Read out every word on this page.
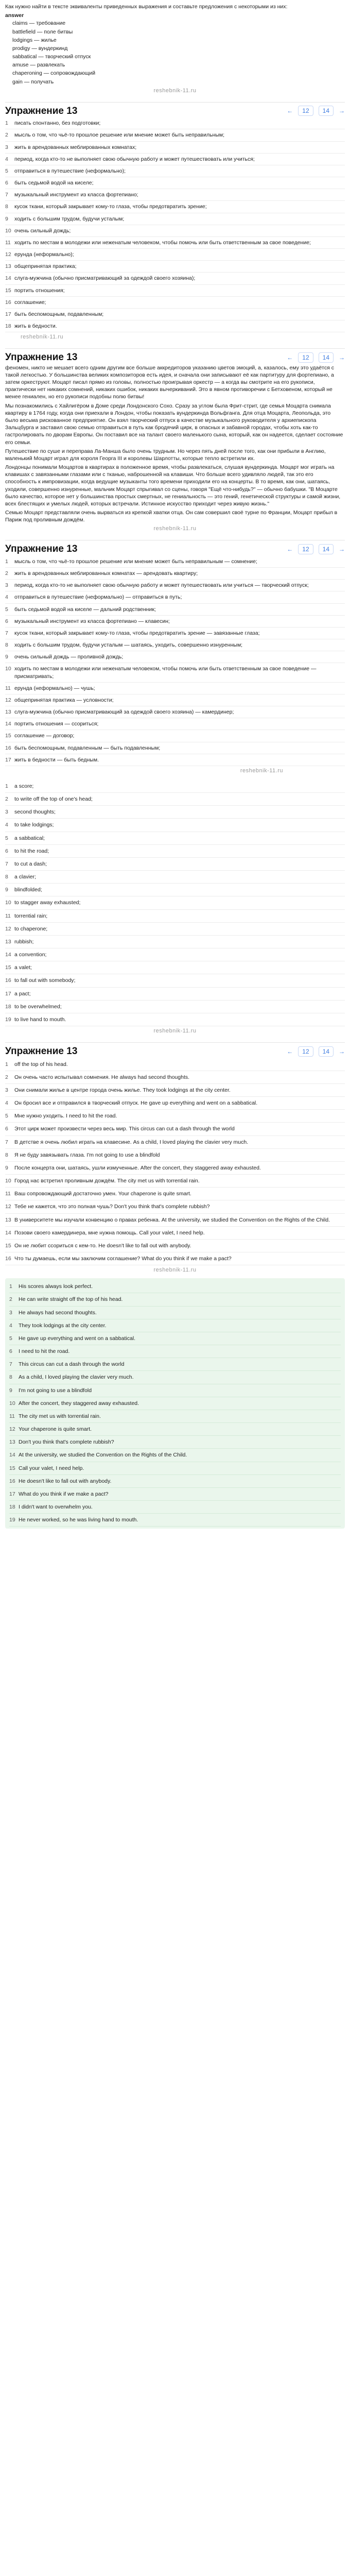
Как нужно найти в тексте эквиваленты приведенных выражения и составьте предложения с некоторыми из них:

answer
claims — требование
battlefield — поле битвы
lodgings — жилье
prodigy — вундеркинд
sabbatical — творческий отпуск
amuse — развлекать
chaperoning — сопровождающий
gain — получать
reshebnik-11.ru
Упражнение 13	←	12	14	→
1	писать спонтанно, без подготовки;
2	мысль о том, что чьё-то прошлое решение или мнение может быть неправильным;
3	жить в арендованных меблированных комнатах;
4	период, когда кто-то не выполняет свою обычную работу и может путешествовать или учиться;
5	отправиться в путешествие (неформально);
6	быть седьмой водой на киселе;
7	музыкальный инструмент из класса фортепиано;
8	кусок ткани, который закрывает кому-то глаза, чтобы предотвратить зрение;
9	ходить с большим трудом, будучи усталым;
10 очень сильный дождь;
11 ходить по местам в молодежи или неженатым человеком, чтобы помочь или быть ответственным за свое поведение;
12 ерунда (неформально);
13 общепринятая практика;
14 слуга-мужчина (обычно присматривающий за одеждой своего хозяина);
15 портить отношения;
16 соглашение;
17 быть беспомощным, подавленным;
18 жить в бедности.
reshebnik-11.ru
Упражнение 13	←	12	14	→

феномен, никто не мешает всего одним другим все больше аккредиторов указанию цветов эмоций, а, казалось, ему это удаётся с такой легкостью. У большинства великих композиторов есть идея, и сначала они записывают её как партитуру для фортепиано, а затем оркеструют. Моцарт писал прямо из головы, полностью проигрывая оркестр — а когда вы смотрите на его рукописи, практически нет никаких сомнений, никаких ошибок, никаких вычеркиваний. Это в явном противоречии с Бетховеном, который не менее гениален, но его рукописи подобны полю битвы!

Мы познакомились с Хайлигёром в Доме среди Лондонского Сохо. Сразу за углом была Фрит-стрит, где семья Моцарта снимала квартиру в 1764 году, когда они приехали в Лондон, чтобы показать вундеркинда Вольфганга. Для отца Моцарта, Леопольда, это было весьма рискованное предприятие. Он взял творческий отпуск в качестве музыкального руководителя у архиепископа Зальцбурга и заставил свою семью отправиться в путь как бродячий цирк, в опасных и забавной городах, чтобы хоть как-то гастролировать по дворам Европы. Он поставил все на талант своего маленького сына, который, как он надеется, сделает состояние его семьи.

Путешествие по суше и переправа Ла-Манша было очень трудным. Но через пять дней после того, как они прибыли в Англию, маленький Моцарт играл для короля Георга III и королевы Шарлотты, которые тепло встретили их.

Лондонцы понимали Моцартов в квартирах в положенное время, чтобы развлекаться, слушая вундеркинда. Моцарт мог играть на клавишах с завязанными глазами или с тканью, наброшенной на клавиши. Что больше всего удивляло людей, так это его способность к импровизации, когда ведущие музыканты того времени приходили его на концерты. В то время, как они, шатаясь, уходили, совершенно изнуренные, мальчик Моцарт спрыгивал со сцены, говоря "Ещё что-нибудь?" — обычно бабушки. "В Моцарте было качество, которое нет у большинства простых смертных, не гениальность — это гений, генетической структуры и самой жизни, всех блестящих и умелых людей, которых встречали. Истинное искусство приходит через живую жизнь."

Семью Моцарт представляли очень вырваться из крепкой хватки отца. Он сам совершил своё турне по Франции, Моцарт прибыл в Париж под проливным дождём.

reshebnik-11.ru
Упражнение 13	←	12	14	→
1	мысль о том, что чьё-то прошлое решение или мнение может быть неправильным — сомнение;
2	жить в арендованных меблированных комнатах — арендовать квартиру;
3	период, когда кто-то не выполняет свою обычную работу и может путешествовать или учиться — творческий отпуск;
4	отправиться в путешествие (неформально) — отправиться в путь;
5	быть седьмой водой на киселе — дальний родственник;
6	музыкальный инструмент из класса фортепиано — клавесин;
7	кусок ткани, который закрывает кому-то глаза, чтобы предотвратить зрение — завязанные глаза;
8	ходить с большим трудом, будучи усталым — шатаясь, уходить, совершенно изнуренным;
9	очень сильный дождь — проливной дождь;
10 ходить по местам в молодежи или неженатым человеком, чтобы помочь или быть ответственным за свое поведение — присматривать;
11 ерунда (неформально) — чушь;
12 общепринятая практика — условности;
13 слуга-мужчина (обычно присматривающий за одеждой своего хозяина) — камердинер;
14 портить отношения — ссориться;
15 соглашение — договор;
16 быть беспомощным, подавленным — быть подавленным;
17 жить в бедности — быть бедным.
reshebnik-11.ru
1	a score;
2	to write off the top of one's head;
3	second thoughts;
4	to take lodgings;
5	a sabbatical;
6	to hit the road;
7	to cut a dash;
8	a clavier;
9	blindfolded;
10 to stagger away exhausted;
11 torrential rain;
12 to chaperone;
13 rubbish;
14 a convention;
15 a valet;
16 to fall out with somebody;
17 a pact;
18 to be overwhelmed;
19 to live hand to mouth.
reshebnik-11.ru
Упражнение 13	←	12	14	→
1	off the top of his head.
2	Он очень часто испытывал сомнения. He always had second thoughts.
3	Они снимали жилье в центре города очень жилье. They took lodgings at the city center.
4	Он бросил все и отправился в творческий отпуск. He gave up everything and went on a sabbatical.
5	Мне нужно уходить. I need to hit the road.
6	Этот цирк может произвести через весь мир. This circus can cut a dash through the world
7	В детстве я очень любил играть на клавесине. As a child, I loved playing the clavier very much.
8	Я не буду завязывать глаза. I'm not going to use a blindfold
9	После концерта они, шатаясь, ушли измученные. After the concert, they staggered away exhausted.
10 Город нас встретил проливным дождём. The city met us with torrential rain.
11 Ваш сопровождающий достаточно умен. Your chaperone is quite smart.
12 Тебе не кажется, что это полная чушь? Don't you think that's complete rubbish?
13 В университете мы изучали конвенцию о правах ребенка. At the university, we studied the Convention on the Rights of the Child.
14 Позови своего камердинера, мне нужна помощь. Call your valet, I need help.
15 Он не любит ссориться с кем-то. He doesn't like to fall out with anybody.
16 Что ты думаешь, если мы заключим соглашение? What do you think if we make a pact?
reshebnik-11.ru
1	His scores always look perfect.
2	He can write straight off the top of his head.
3	He always had second thoughts.
4	They took lodgings at the city center.
5	He gave up everything and went on a sabbatical.
6	I need to hit the road.
7	This circus can cut a dash through the world
8	As a child, I loved playing the clavier very much.
9	I'm not going to use a blindfold
10 After the concert, they staggered away exhausted.
11 The city met us with torrential rain.
12 Your chaperone is quite smart.
13 Don't you think that's complete rubbish?
14 At the university, we studied the Convention on the Rights of the Child.
15 Call your valet, I need help.
16 He doesn't like to fall out with anybody.
17 What do you think if we make a pact?
18 I didn't want to overwhelm you.
19 He never worked, so he was living hand to mouth.
